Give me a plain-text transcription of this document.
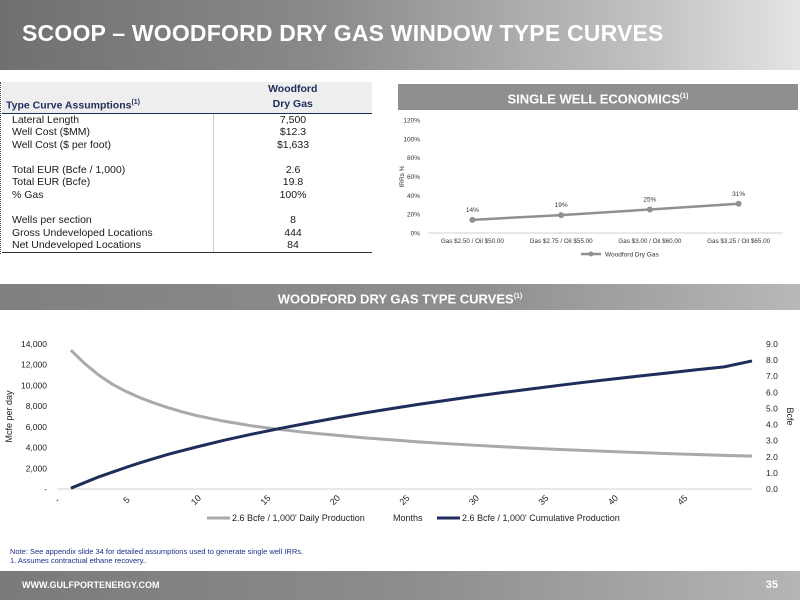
SCOOP – WOODFORD DRY GAS WINDOW TYPE CURVES
	Woodford
Type Curve Assumptions$^{(1)}$	Dry Gas
Lateral Length	7,500
Well Cost ($MM)	$12.3
Well Cost ($ per foot)	$1,633

Total EUR (Bcfe / 1,000)	2.6
Total EUR (Bcfe)	19.8
% Gas	100%

Wells per section	8
Gross Undeveloped Locations	444
Net Undeveloped Locations	84
SINGLE WELL ECONOMICS$^{(1)}$
0%
20%
40%
60%
80%
100%
120%
Gas $2.50 / Oil $50.00	Gas $2.75 / Oil $55.00	Gas $3.00 / Oil $60.00	Gas $3.25 / Oil $65.00
IRRs %
14%
19%
25%
31%
Woodford Dry Gas
WOODFORD DRY GAS TYPE CURVES$^{(1)}$
-
2,000
4,000
6,000
8,000
10,000
12,000
14,000
0.0
1.0
2.0
3.0
4.0
5.0
6.0
7.0
8.0
9.0
-	5	10	15	20	25	30	35	40	45
Mcfe per day	Bcfe
2.6 Bcfe / 1,000' Daily Production	Months	2.6 Bcfe / 1,000' Cumulative Production
Note: See appendix slide 34 for detailed assumptions used to generate single well IRRs.
1. Assumes contractual ethane recovery..
WWW.GULFPORTENERGY.COM	35
